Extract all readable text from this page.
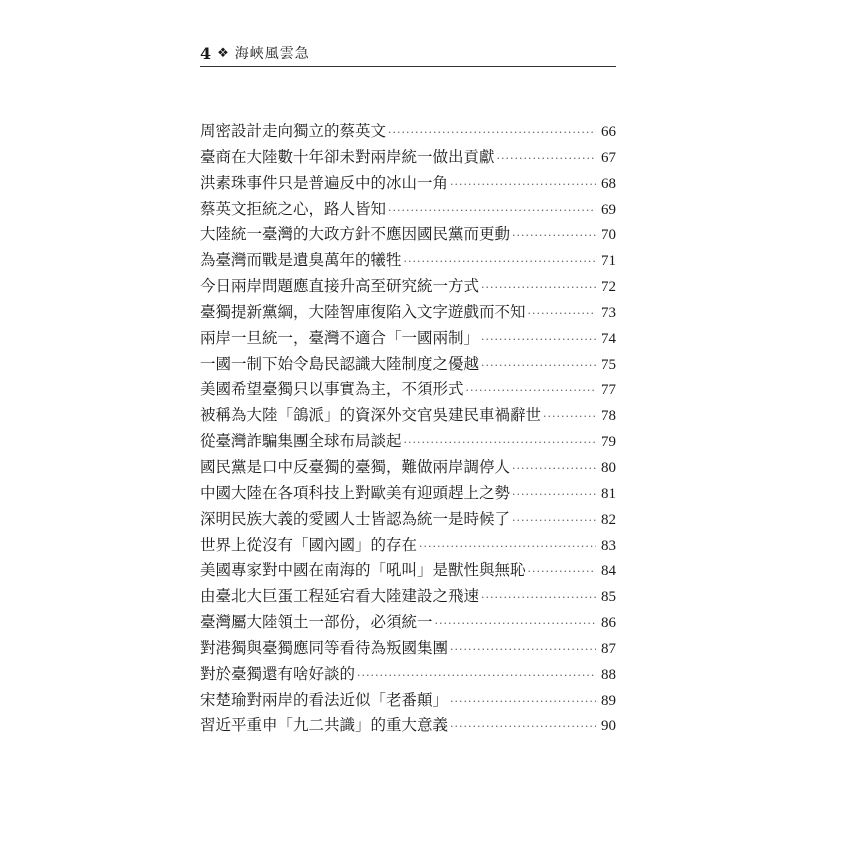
4 ❖ 海峽風雲急
周密設計走向獨立的蔡英文 ·····	66
臺商在大陸數十年卻未對兩岸統一做出貢獻 ·····	67
洪素珠事件只是普遍反中的冰山一角 ·····	68
蔡英文拒統之心，路人皆知 ·····	69
大陸統一臺灣的大政方針不應因國民黨而更動 ·····	70
為臺灣而戰是遺臭萬年的犧牲 ·····	71
今日兩岸問題應直接升高至研究統一方式 ·····	72
臺獨提新黨綱，大陸智庫復陷入文字遊戲而不知 ·····	73
兩岸一旦統一，臺灣不適合「一國兩制」 ·····	74
一國一制下始令島民認識大陸制度之優越 ·····	75
美國希望臺獨只以事實為主，不須形式 ·····	77
被稱為大陸「鴿派」的資深外交官吳建民車禍辭世 ·····	78
從臺灣詐騙集團全球布局談起 ·····	79
國民黨是口中反臺獨的臺獨，難做兩岸調停人 ·····	80
中國大陸在各項科技上對歐美有迎頭趕上之勢 ·····	81
深明民族大義的愛國人士皆認為統一是時候了 ·····	82
世界上從沒有「國內國」的存在 ·····	83
美國專家對中國在南海的「吼叫」是獸性與無恥 ·····	84
由臺北大巨蛋工程延宕看大陸建設之飛速 ·····	85
臺灣屬大陸領土一部份，必須統一 ·····	86
對港獨與臺獨應同等看待為叛國集團 ·····	87
對於臺獨還有啥好談的 ·····	88
宋楚瑜對兩岸的看法近似「老番顛」 ·····	89
習近平重申「九二共識」的重大意義 ·····	90
